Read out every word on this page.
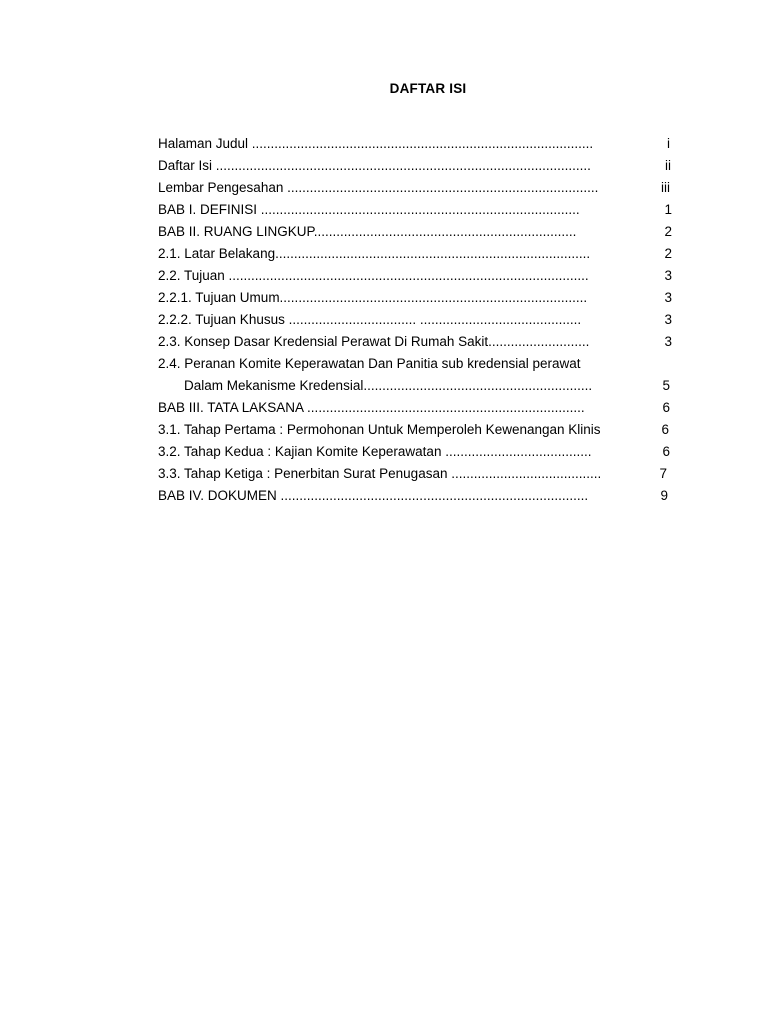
DAFTAR ISI
Halaman Judul ...........................................................................................	i
Daftar Isi ....................................................................................................	ii
Lembar Pengesahan ...................................................................................	iii
BAB I. DEFINISI .....................................................................................	1
BAB II. RUANG LINGKUP......................................................................	2
2.1. Latar Belakang....................................................................................	2
2.2. Tujuan ................................................................................................	3
2.2.1. Tujuan Umum..................................................................................	3
2.2.2. Tujuan Khusus .................................. ...........................................	3
2.3. Konsep Dasar Kredensial Perawat Di Rumah Sakit...........................	3
2.4. Peranan Komite Keperawatan Dan Panitia sub kredensial perawat
Dalam Mekanisme Kredensial.............................................................	5
BAB III. TATA LAKSANA ..........................................................................	6
3.1. Tahap Pertama : Permohonan Untuk Memperoleh Kewenangan Klinis	6
3.2. Tahap Kedua : Kajian Komite Keperawatan .......................................	6
3.3. Tahap Ketiga : Penerbitan Surat Penugasan ........................................	7
BAB IV. DOKUMEN ..................................................................................	9
